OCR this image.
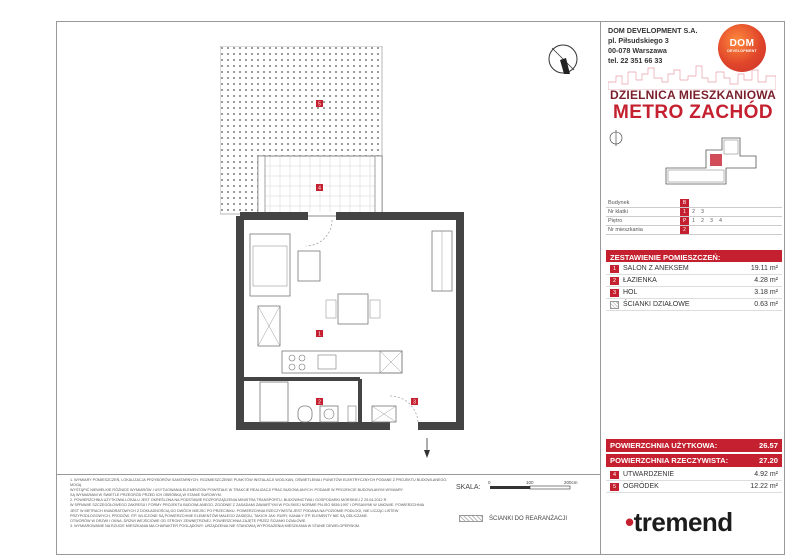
5
4
1
2	3
DOM DEVELOPMENT S.A.
pl. Piłsudskiego 3
00-078 Warszawa
tel. 22 351 66 33
DOM
DEVELOPMENT
DZIELNICA MIESZKANIOWA
METRO ZACHÓD
Budynek	B
Nr klatki	1	2	3
Piętro	P	1	2	3	4
Nr mieszkania	2
ZESTAWIENIE POMIESZCZEŃ:
1 SALON Z ANEKSEM	19.11 m²
2 ŁAZIENKA	4.28 m²
3 HOL	3.18 m²
ŚCIANKI DZIAŁOWE	0.63 m²
POWIERZCHNIA UŻYTKOWA:	26.57
POWIERZCHNIA RZECZYWISTA:	27.20
4 UTWARDZENIE	4.92 m²
5 OGRÓDEK	12.22 m²
•tremend
1. WYMIARY POMIESZCZEŃ, LOKALIZACJA PRZYBORÓW SANITARNYCH, ROZMIESZCZENIE PUNKTÓW INSTALACJI WOD-KAN, OŚWIETLENIA I PUNKTÓW ELEKTRYCZNYCH PODANE Z PROJEKTU BUDOWLANEGO. MOGĄ
WYSTĄPIĆ NIEWIELKIE RÓŻNICE WYMIARÓW I USYTUOWANIA ELEMENTÓW POWSTAŁE W TRAKCIE REALIZACJI PRAC BUDOWLANYCH. PODANE W PROJEKCIE BUDOWLANYM WYMIARY
SĄ WYMIARAMI W ŚWIETLE PRZEGRÓD PRZED ICH OBRÓBKĄ W STANIE SUROWYM.
2. POWIERZCHNIA UŻYTKOWA LOKALU JEST OKREŚLONA NA PODSTAWIE ROZPORZĄDZENIA MINISTRA TRANSPORTU, BUDOWNICTWA I GOSPODARKI MORSKIEJ Z 25.04.2012 R.
W SPRAWIE SZCZEGÓŁOWEGO ZAKRESU I FORMY PROJEKTU BUDOWLANEGO, ZGODNIE Z ZASADAMI ZAWARTYMI W POLSKIEJ NORMIE PN-ISO 9836:1997 I OPISANYMI W UMOWIE. POWIERZCHNIA
JEST W METRACH KWADRATOWYCH Z DOKŁADNOŚCIĄ DO DWÓCH MIEJSC PO PRZECINKU. POWIERZCHNIA RZECZYWISTA JEST PODANA NA POZIOMIE PODŁOGI, NIE LICZĄC LISTEW
PRZYPODŁOGOWYCH, PROGÓW, ITP. WLICZONE SĄ POWIERZCHNIE ELEMENTÓW MAŁEGO ZASIĘGU, TAKICH JAK: RURY, KANAŁY ITP. ELEMENTY NIE SĄ ODLICZANE.
OTWORÓW W DRZWI I OKNA, DRZWI WEJŚCIOWE OD STRONY ZEWNĘTRZNEJ. POWIERZCHNIA ZAJĘTE PRZEZ ŚCIANKI DZIAŁOWE.
3. WYMIAROWANIE NA RZUCIE MIESZKANIA MA CHARAKTER POGLĄDOWY. URZĄDZENIA NIE STANOWIĄ WYPOSAŻENIA MIESZKANIA W STANIE DEWELOPERSKIM.
SKALA:
0	100	200cm
ŚCIANKI DO REARANŻACJI
